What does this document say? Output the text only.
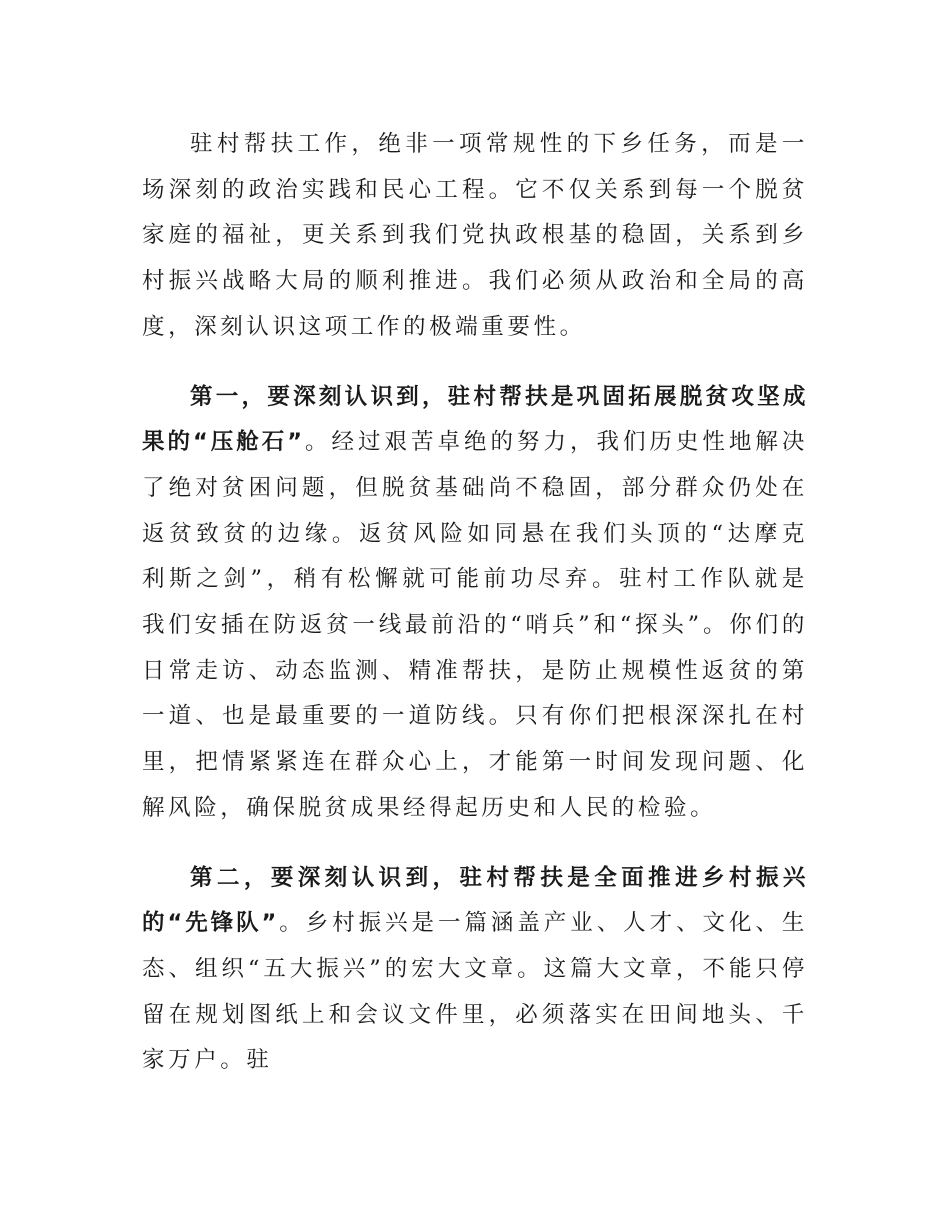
驻村帮扶工作，绝非一项常规性的下乡任务，而是一场深刻的政治实践和民心工程。它不仅关系到每一个脱贫家庭的福祉，更关系到我们党执政根基的稳固，关系到乡村振兴战略大局的顺利推进。我们必须从政治和全局的高度，深刻认识这项工作的极端重要性。

第一，要深刻认识到，驻村帮扶是巩固拓展脱贫攻坚成果的“压舱石”。经过艰苦卓绝的努力，我们历史性地解决了绝对贫困问题，但脱贫基础尚不稳固，部分群众仍处在返贫致贫的边缘。返贫风险如同悬在我们头顶的“达摩克利斯之剑”，稍有松懈就可能前功尽弃。驻村工作队就是我们安插在防返贫一线最前沿的“哨兵”和“探头”。你们的日常走访、动态监测、精准帮扶，是防止规模性返贫的第一道、也是最重要的一道防线。只有你们把根深深扎在村里，把情紧紧连在群众心上，才能第一时间发现问题、化解风险，确保脱贫成果经得起历史和人民的检验。

第二，要深刻认识到，驻村帮扶是全面推进乡村振兴的“先锋队”。乡村振兴是一篇涵盖产业、人才、文化、生态、组织“五大振兴”的宏大文章。这篇大文章，不能只停留在规划图纸上和会议文件里，必须落实在田间地头、千家万户。驻
